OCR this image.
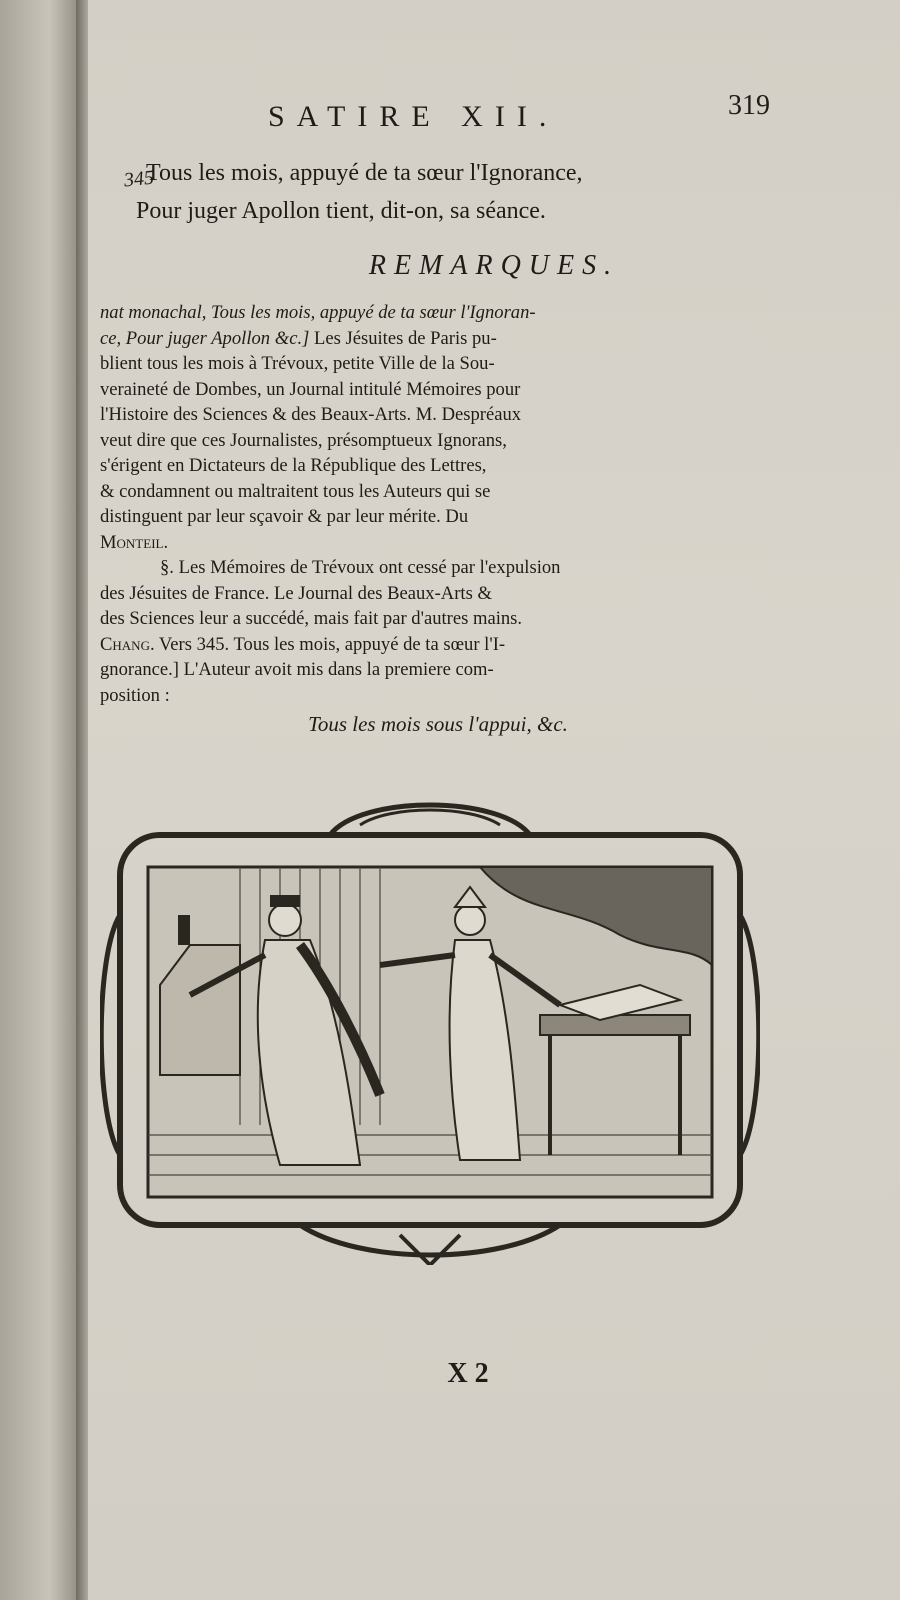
SATIRE XII.	319
345
Tous les mois, appuyé de ta sœur l'Ignorance,
Pour juger Apollon tient, dit-on, sa séance.
REMARQUES.
nat monachal, Tous les mois, appuyé de ta sœur l'Ignoran-
ce, Pour juger Apollon &c.] Les Jésuites de Paris pu-
blient tous les mois à Trévoux, petite Ville de la Sou-
veraineté de Dombes, un Journal intitulé Mémoires pour
l'Histoire des Sciences & des Beaux-Arts. M. Despréaux
veut dire que ces Journalistes, présomptueux Ignorans,
s'érigent en Dictateurs de la République des Lettres,
& condamnent ou maltraitent tous les Auteurs qui se
distinguent par leur sçavoir & par leur mérite. Du
Monteil.
§. Les Mémoires de Trévoux ont cessé par l'expulsion
des Jésuites de France. Le Journal des Beaux-Arts &
des Sciences leur a succédé, mais fait par d'autres mains.
Chang. Vers 345. Tous les mois, appuyé de ta sœur l'I-
gnorance.] L'Auteur avoit mis dans la premiere com-
position :
Tous les mois sous l'appui, &c.
X 2
